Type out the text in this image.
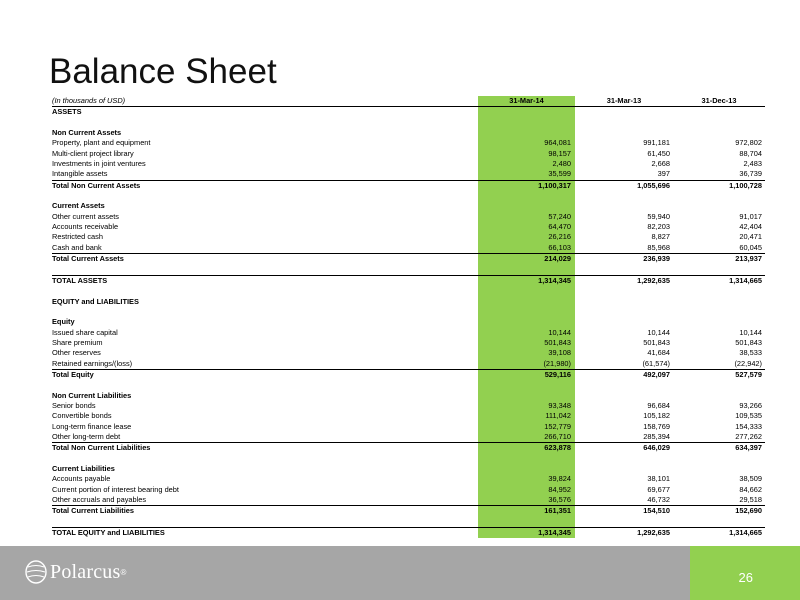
Balance Sheet
(In thousands of USD)	31-Mar-14	31-Mar-13	31-Dec-13
ASSETS
Non Current Assets
Property, plant and equipment	964,081	991,181	972,802
Multi-client project library	98,157	61,450	88,704
Investments in joint ventures	2,480	2,668	2,483
Intangible assets	35,599	397	36,739
Total Non Current Assets	1,100,317	1,055,696	1,100,728
Current Assets
Other current assets	57,240	59,940	91,017
Accounts receivable	64,470	82,203	42,404
Restricted cash	26,216	8,827	20,471
Cash and bank	66,103	85,968	60,045
Total Current Assets	214,029	236,939	213,937
TOTAL ASSETS	1,314,345	1,292,635	1,314,665
EQUITY and LIABILITIES
Equity
Issued share capital	10,144	10,144	10,144
Share premium	501,843	501,843	501,843
Other reserves	39,108	41,684	38,533
Retained earnings/(loss)	(21,980)	(61,574)	(22,942)
Total Equity	529,116	492,097	527,579
Non Current Liabilities
Senior bonds	93,348	96,684	93,266
Convertible bonds	111,042	105,182	109,535
Long-term finance lease	152,779	158,769	154,333
Other long-term debt	266,710	285,394	277,262
Total Non Current Liabilities	623,878	646,029	634,397
Current Liabilities
Accounts payable	39,824	38,101	38,509
Current portion of interest bearing debt	84,952	69,677	84,662
Other accruals and payables	36,576	46,732	29,518
Total Current Liabilities	161,351	154,510	152,690
TOTAL EQUITY and LIABILITIES	1,314,345	1,292,635	1,314,665
Polarcus ®	26
